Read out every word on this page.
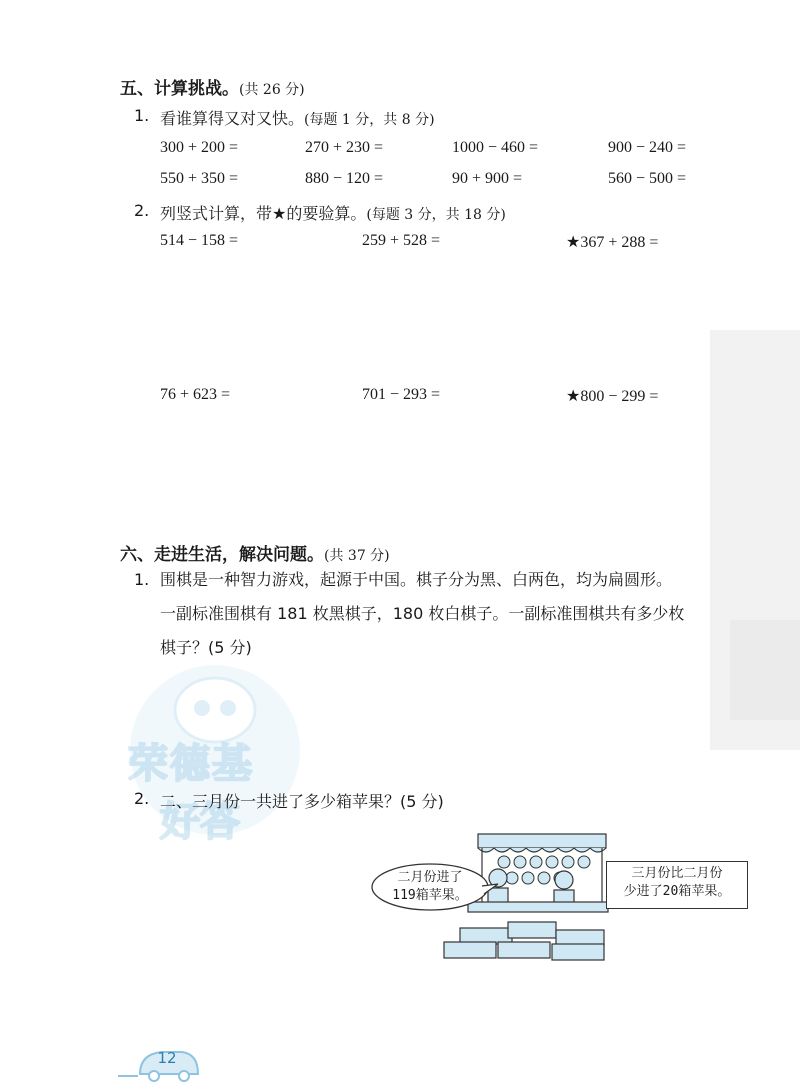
荣德基
好答
五、计算挑战。(共 26 分)
1. 看谁算得又对又快。(每题 1 分，共 8 分)
300 + 200 =	270 + 230 =	1000 − 460 =	900 − 240 =
550 + 350 =	880 − 120 =	90 + 900 =	560 − 500 =
2. 列竖式计算，带★的要验算。(每题 3 分，共 18 分)
514 − 158 =	259 + 528 =	★367 + 288 =
76 + 623 =	701 − 293 =	★800 − 299 =
六、走进生活，解决问题。(共 37 分)
1. 围棋是一种智力游戏，起源于中国。棋子分为黑、白两色，均为扁圆形。
一副标准围棋有 181 枚黑棋子，180 枚白棋子。一副标准围棋共有多少枚
棋子？(5 分)
2. 二、三月份一共进了多少箱苹果？(5 分)
二月份进了
119箱苹果。
三月份比二月份
少进了20箱苹果。
12
